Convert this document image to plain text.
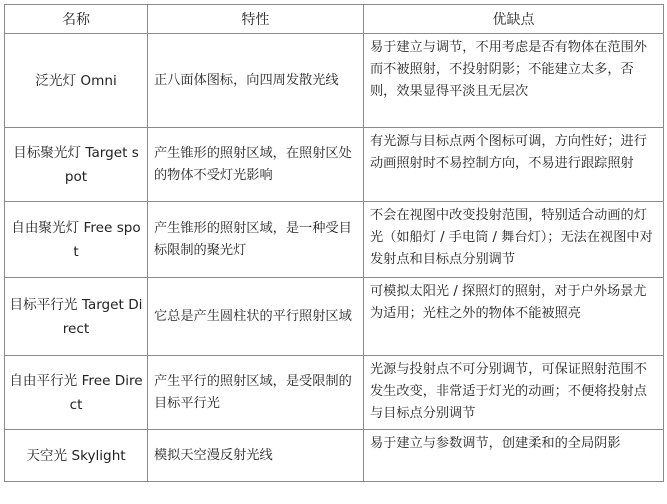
名称	特性	优缺点
泛光灯 Omni	正八面体图标，向四周发散光线	易于建立与调节，不用考虑是否有物体在范围外而不被照射，不投射阴影；不能建立太多，否则，效果显得平淡且无层次
目标聚光灯 Target spot	产生锥形的照射区域，在照射区处的物体不受灯光影响	有光源与目标点两个图标可调，方向性好；进行动画照射时不易控制方向，不易进行跟踪照射
自由聚光灯 Free spot	产生锥形的照射区域，是一种受目标限制的聚光灯	不会在视图中改变投射范围，特别适合动画的灯光（如船灯 / 手电筒 / 舞台灯）；无法在视图中对发射点和目标点分别调节
目标平行光 Target Direct	它总是产生圆柱状的平行照射区域	可模拟太阳光 / 探照灯的照射，对于户外场景尤为适用；光柱之外的物体不能被照亮
自由平行光 Free Direct	产生平行的照射区域，是受限制的目标平行光	光源与投射点不可分别调节，可保证照射范围不发生改变，非常适于灯光的动画；不便将投射点与目标点分别调节
天空光 Skylight	模拟天空漫反射光线	易于建立与参数调节，创建柔和的全局阴影
